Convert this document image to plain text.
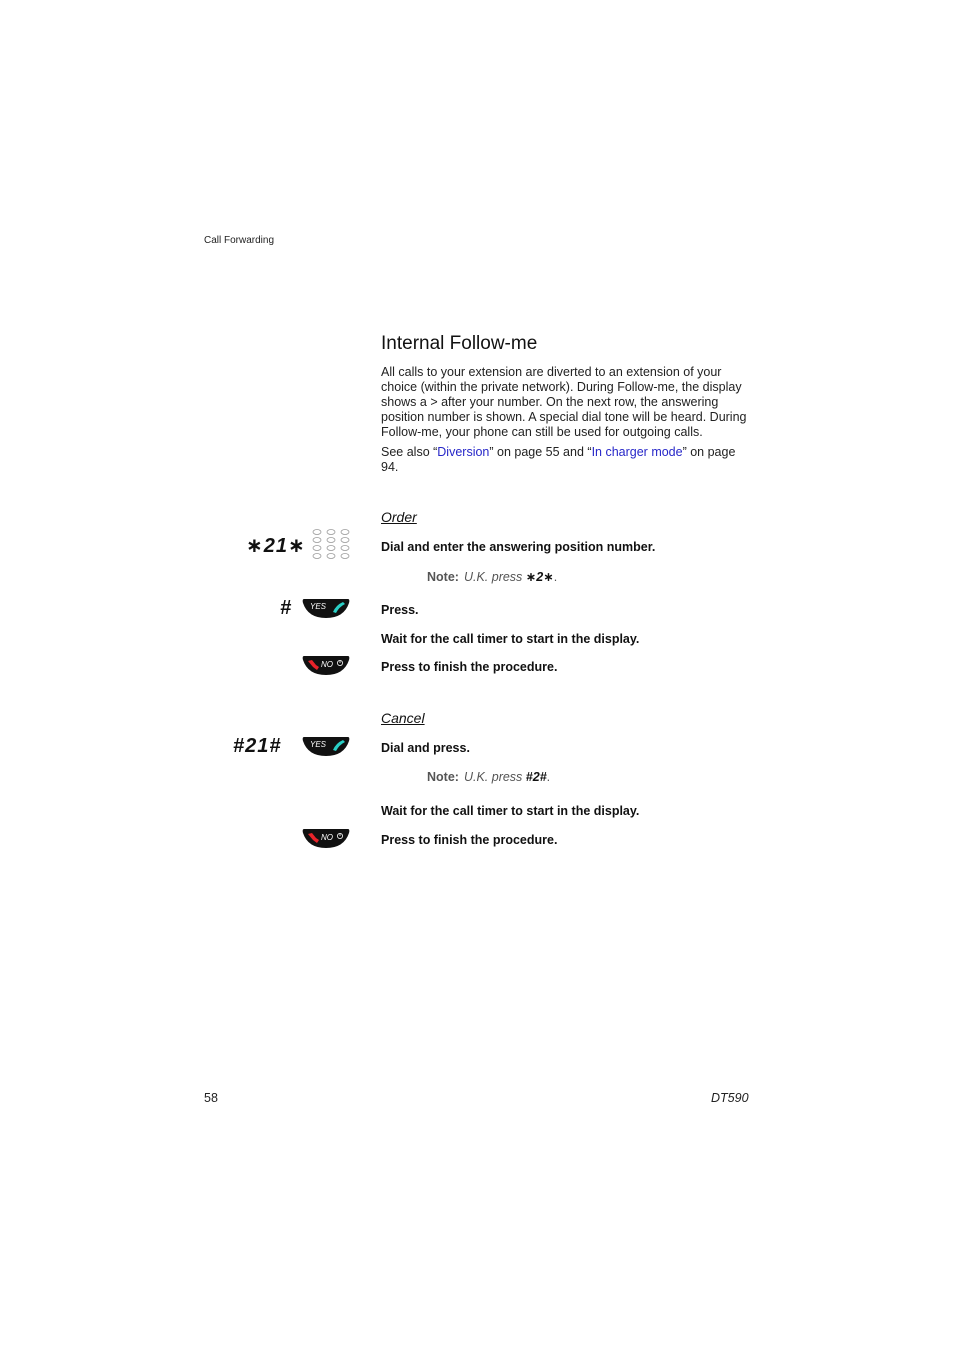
Call Forwarding
Internal Follow-me

All calls to your extension are diverted to an extension of your choice (within the private network). During Follow-me, the display shows a > after your number. On the next row, the answering position number is shown. A special dial tone will be heard. During Follow-me, your phone can still be used for outgoing calls.

See also “Diversion” on page 55 and “In charger mode” on page 94.

Order
∗21∗	Dial and enter the answering position number.
Note: U.K. press ∗2∗.
# YES	Press.
Wait for the call timer to start in the display.
NO	Press to finish the procedure.
Cancel
#21#	YES	Dial and press.
Note: U.K. press #2#.
Wait for the call timer to start in the display.
NO	Press to finish the procedure.
58	DT590
